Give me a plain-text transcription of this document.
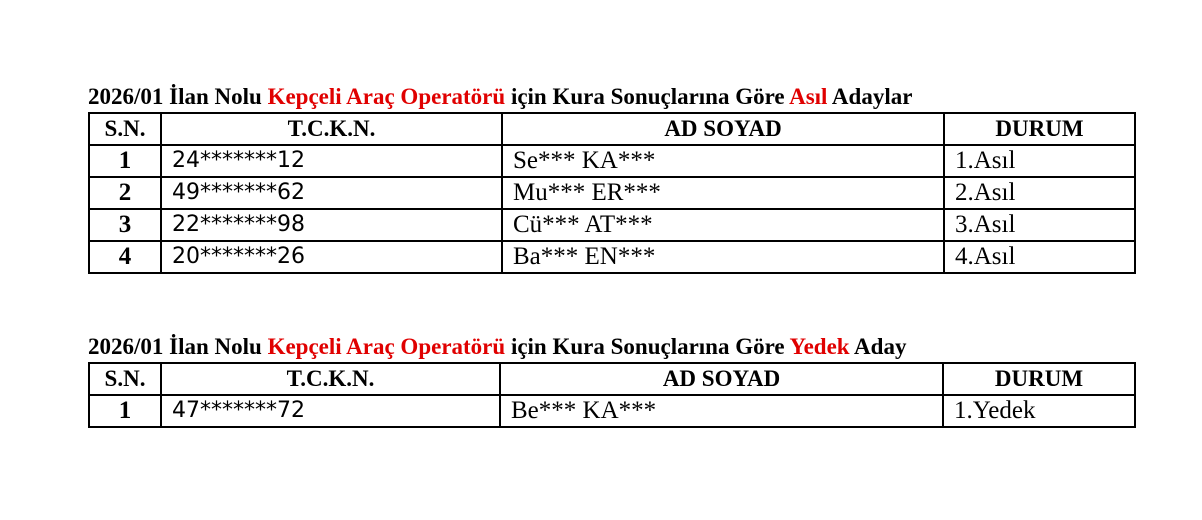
2026/01 İlan Nolu Kepçeli Araç Operatörü için Kura Sonuçlarına Göre Asıl Adaylar

S.N.	T.C.K.N.	AD SOYAD	DURUM
1	24*******12	Se*** KA***	1.Asıl
2	49*******62	Mu*** ER***	2.Asıl
3	22*******98	Cü*** AT***	3.Asıl
4	20*******26	Ba*** EN***	4.Asıl

2026/01 İlan Nolu Kepçeli Araç Operatörü için Kura Sonuçlarına Göre Yedek Aday

S.N.	T.C.K.N.	AD SOYAD	DURUM
1	47*******72	Be*** KA***	1.Yedek
